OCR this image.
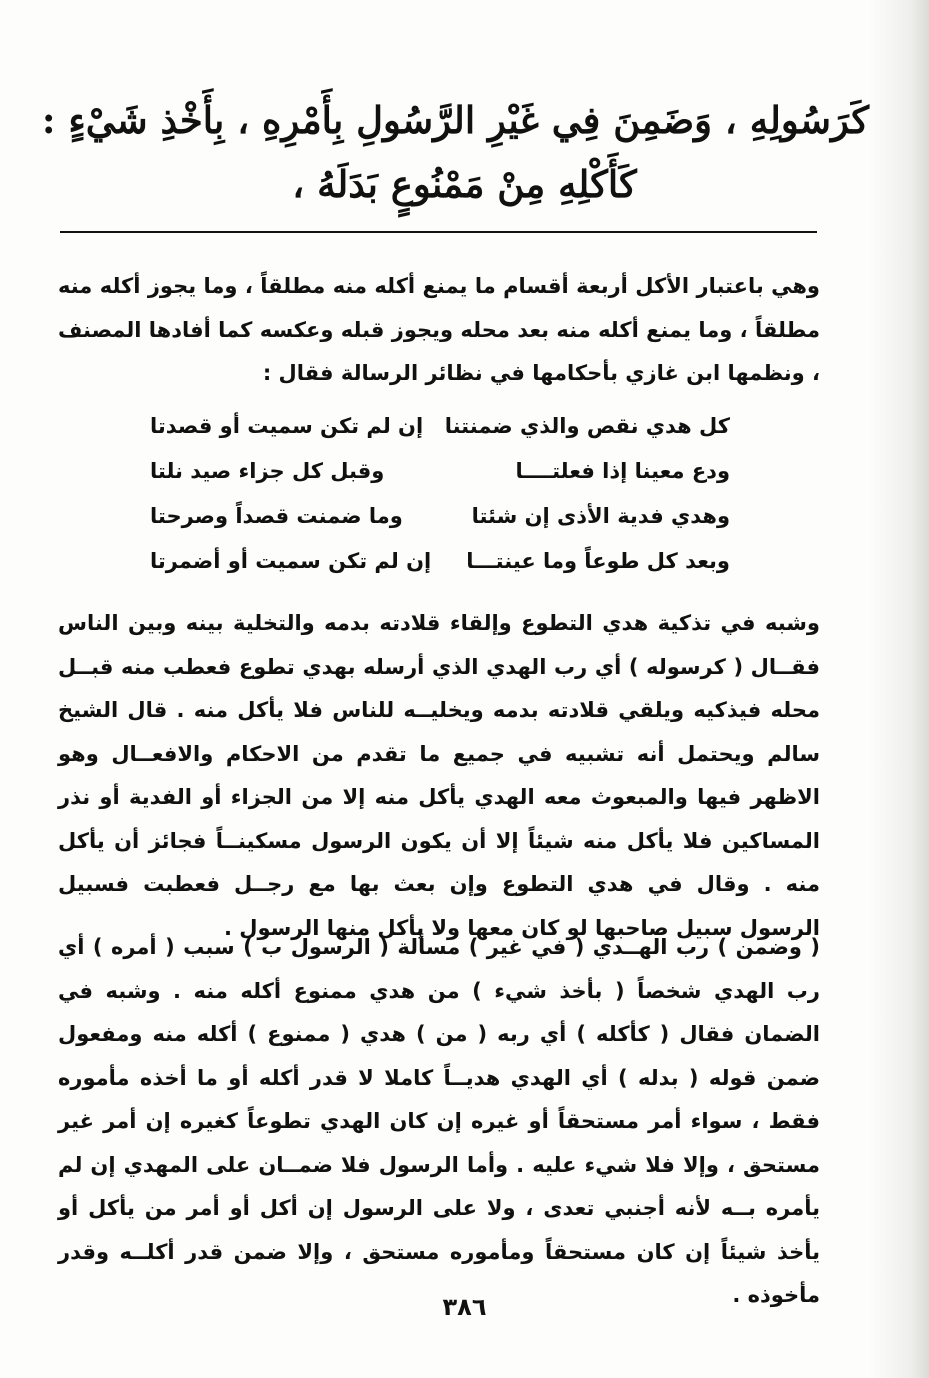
كَرَسُولِهِ ، وَضَمِنَ فِي غَيْرِ الرَّسُولِ بِأَمْرِهِ ، بِأَخْذِ شَيْءٍ :
كَأَكْلِهِ مِنْ مَمْنُوعٍ بَدَلَهُ ،

وهي باعتبار الأكل أربعة أقسام ما يمنع أكله منه مطلقاً ، وما يجوز أكله منه مطلقاً ، وما يمنع أكله منه بعد محله ويجوز قبله وعكسه كما أفادها المصنف ، ونظمها ابن غازي بأحكامها في نظائر الرسالة فقال :

كل هدي نقص والذي ضمنتنا
إن لم تكن سميت أو قصدتا
ودع معينا إذا فعلتــــا
وقبل كل جزاء صيد نلتا
وهدي فدية الأذى إن شئتا
وما ضمنت قصداً وصرحتا
وبعد كل طوعاً وما عينتـــا
إن لم تكن سميت أو أضمرتا

وشبه في تذكية هدي التطوع وإلقاء قلادته بدمه والتخلية بينه وبين الناس فقــال ( كرسوله ) أي رب الهدي الذي أرسله بهدي تطوع فعطب منه قبــل محله فيذكيه ويلقي قلادته بدمه ويخليــه للناس فلا يأكل منه . قال الشيخ سالم ويحتمل أنه تشبيه في جميع ما تقدم من الاحكام والافعــال وهو الاظهر فيها والمبعوث معه الهدي يأكل منه إلا من الجزاء أو الفدية أو نذر المساكين فلا يأكل منه شيئاً إلا أن يكون الرسول مسكينــاً فجائز أن يأكل منه . وقال في هدي التطوع وإن بعث بها مع رجــل فعطبت فسبيل الرسول سبيل صاحبها لو كان معها ولا يأكل منها الرسول .

( وضمن ) رب الهــدي ( في غير ) مسألة ( الرسول ب ) سبب ( أمره ) أي رب الهدي شخصاً ( بأخذ شيء ) من هدي ممنوع أكله منه . وشبه في الضمان فقال ( كأكله ) أي ربه ( من ) هدي ( ممنوع ) أكله منه ومفعول ضمن قوله ( بدله ) أي الهدي هديــاً كاملا لا قدر أكله أو ما أخذه مأموره فقط ، سواء أمر مستحقاً أو غيره إن كان الهدي تطوعاً كغيره إن أمر غير مستحق ، وإلا فلا شيء عليه . وأما الرسول فلا ضمــان على المهدي إن لم يأمره بــه لأنه أجنبي تعدى ، ولا على الرسول إن أكل أو أمر من يأكل أو يأخذ شيئاً إن كان مستحقاً ومأموره مستحق ، وإلا ضمن قدر أكلــه وقدر مأخوذه .

٣٨٦
